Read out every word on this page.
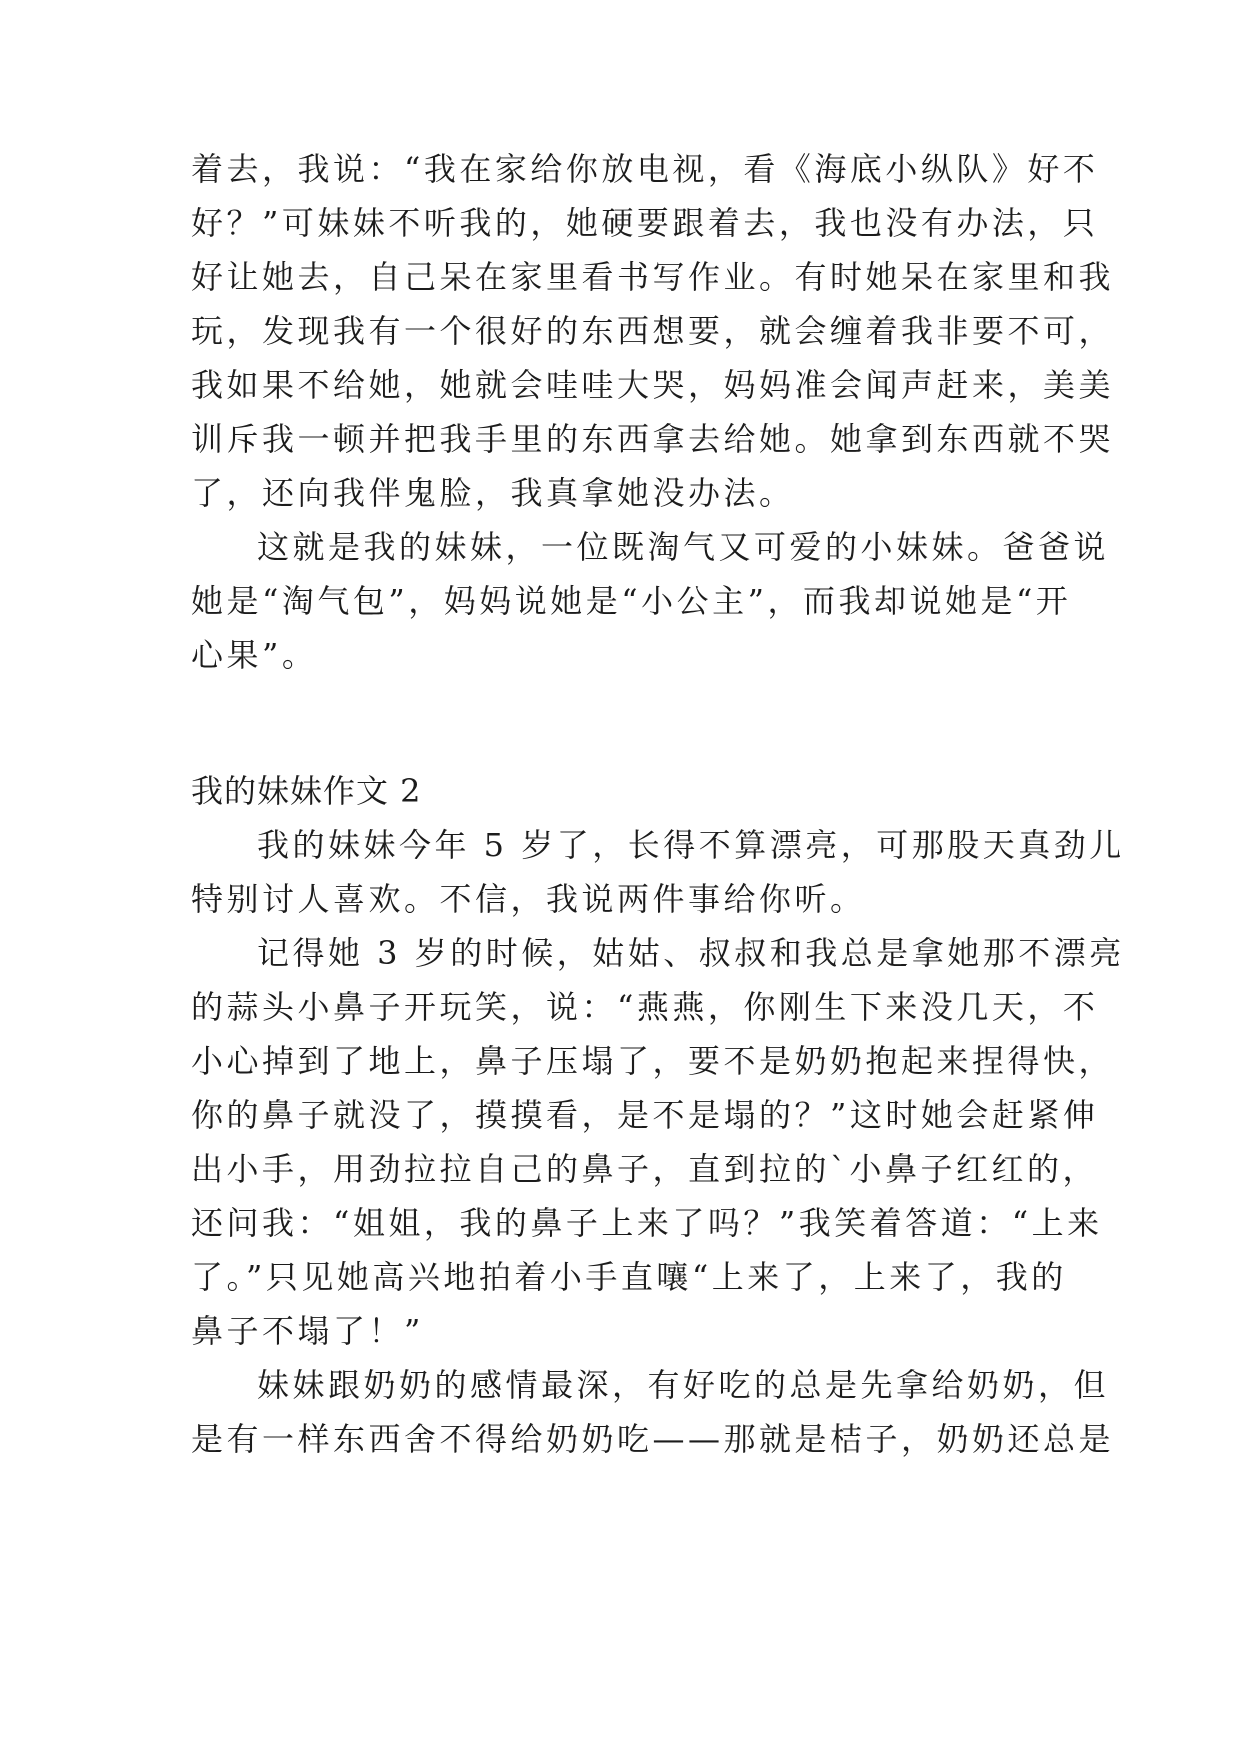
着去，我说：“我在家给你放电视，看《海底小纵队》好不
好？”可妹妹不听我的，她硬要跟着去，我也没有办法，只
好让她去，自己呆在家里看书写作业。有时她呆在家里和我
玩，发现我有一个很好的东西想要，就会缠着我非要不可，
我如果不给她，她就会哇哇大哭，妈妈准会闻声赶来，美美
训斥我一顿并把我手里的东西拿去给她。她拿到东西就不哭
了，还向我伴鬼脸，我真拿她没办法。
这就是我的妹妹，一位既淘气又可爱的小妹妹。爸爸说
她是“淘气包”，妈妈说她是“小公主”，而我却说她是“开
心果”。
我的妹妹作文 2
我的妹妹今年 5 岁了，长得不算漂亮，可那股天真劲儿
特别讨人喜欢。不信，我说两件事给你听。
记得她 3 岁的时候，姑姑、叔叔和我总是拿她那不漂亮
的蒜头小鼻子开玩笑，说：“燕燕，你刚生下来没几天，不
小心掉到了地上，鼻子压塌了，要不是奶奶抱起来捏得快，
你的鼻子就没了，摸摸看，是不是塌的？”这时她会赶紧伸
出小手，用劲拉拉自己的鼻子，直到拉的`小鼻子红红的，
还问我：“姐姐，我的鼻子上来了吗？”我笑着答道：“上来
了。”只见她高兴地拍着小手直嚷“上来了，上来了，我的
鼻子不塌了！”
妹妹跟奶奶的感情最深，有好吃的总是先拿给奶奶，但
是有一样东西舍不得给奶奶吃——那就是桔子，奶奶还总是
